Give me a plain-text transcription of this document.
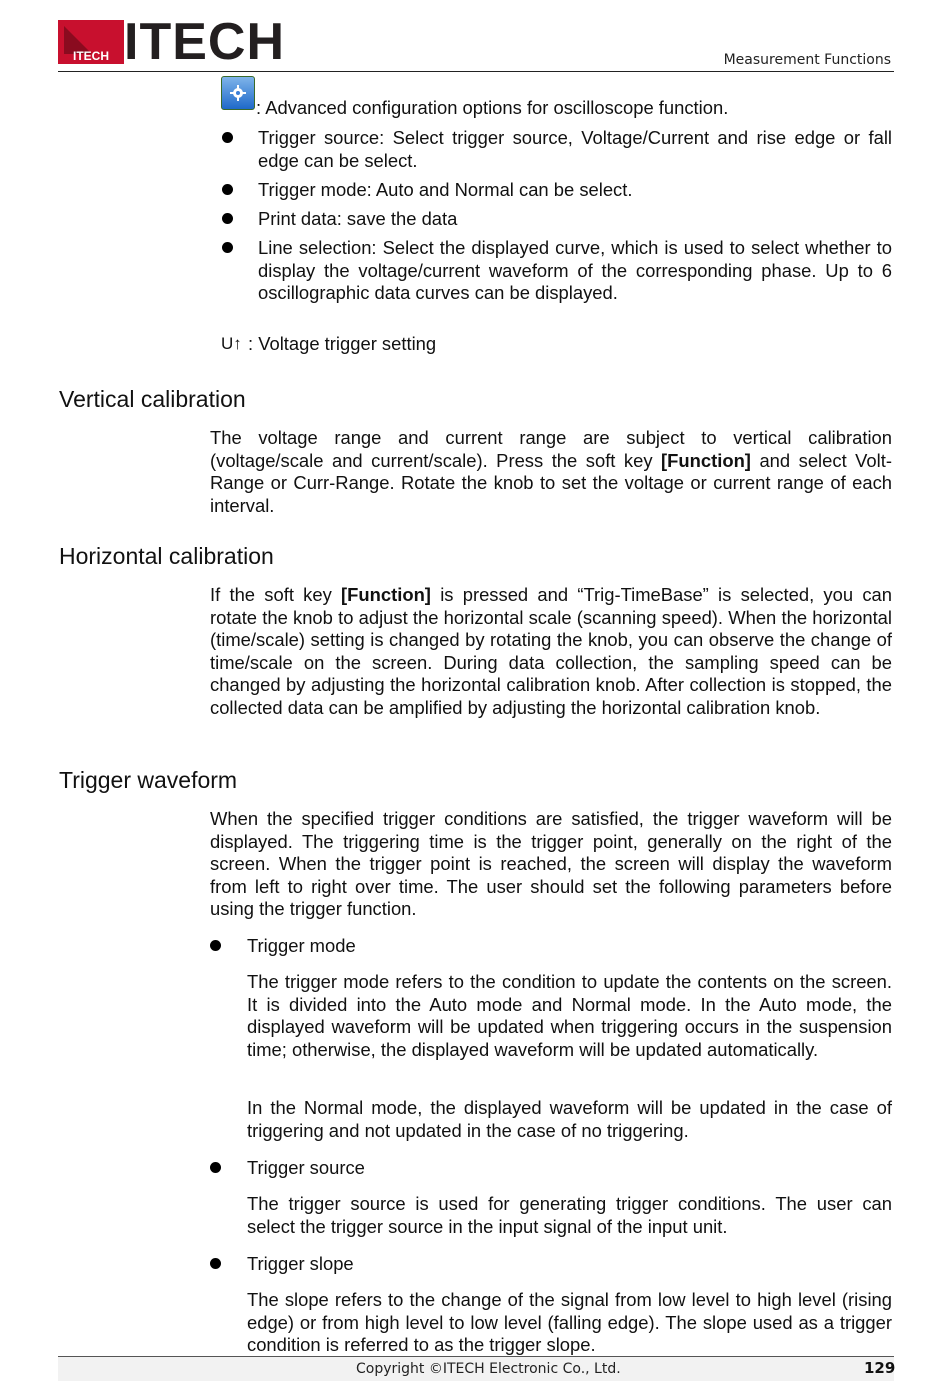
ITECH ITECH	Measurement Functions

: Advanced configuration options for oscilloscope function.

Trigger source: Select trigger source, Voltage/Current and rise edge or fall edge can be select.

Trigger mode: Auto and Normal can be select.

Print data: save the data

Line selection: Select the displayed curve, which is used to select whether to display the voltage/current waveform of the corresponding phase. Up to 6 oscillographic data curves can be displayed.

U↑ : Voltage trigger setting

Vertical calibration

The voltage range and current range are subject to vertical calibration (voltage/scale and current/scale). Press the soft key [Function] and select Volt-Range or Curr-Range. Rotate the knob to set the voltage or current range of each interval.

Horizontal calibration

If the soft key [Function] is pressed and “Trig-TimeBase” is selected, you can rotate the knob to adjust the horizontal scale (scanning speed). When the horizontal (time/scale) setting is changed by rotating the knob, you can observe the change of time/scale on the screen. During data collection, the sampling speed can be changed by adjusting the horizontal calibration knob. After collection is stopped, the collected data can be amplified by adjusting the horizontal calibration knob.

Trigger waveform

When the specified trigger conditions are satisfied, the trigger waveform will be displayed. The triggering time is the trigger point, generally on the right of the screen. When the trigger point is reached, the screen will display the waveform from left to right over time. The user should set the following parameters before using the trigger function.

Trigger mode

The trigger mode refers to the condition to update the contents on the screen. It is divided into the Auto mode and Normal mode. In the Auto mode, the displayed waveform will be updated when triggering occurs in the suspension time; otherwise, the displayed waveform will be updated automatically.

In the Normal mode, the displayed waveform will be updated in the case of triggering and not updated in the case of no triggering.

Trigger source

The trigger source is used for generating trigger conditions. The user can select the trigger source in the input signal of the input unit.

Trigger slope

The slope refers to the change of the signal from low level to high level (rising edge) or from high level to low level (falling edge). The slope used as a trigger condition is referred to as the trigger slope.

Copyright ©ITECH Electronic Co., Ltd.	129
